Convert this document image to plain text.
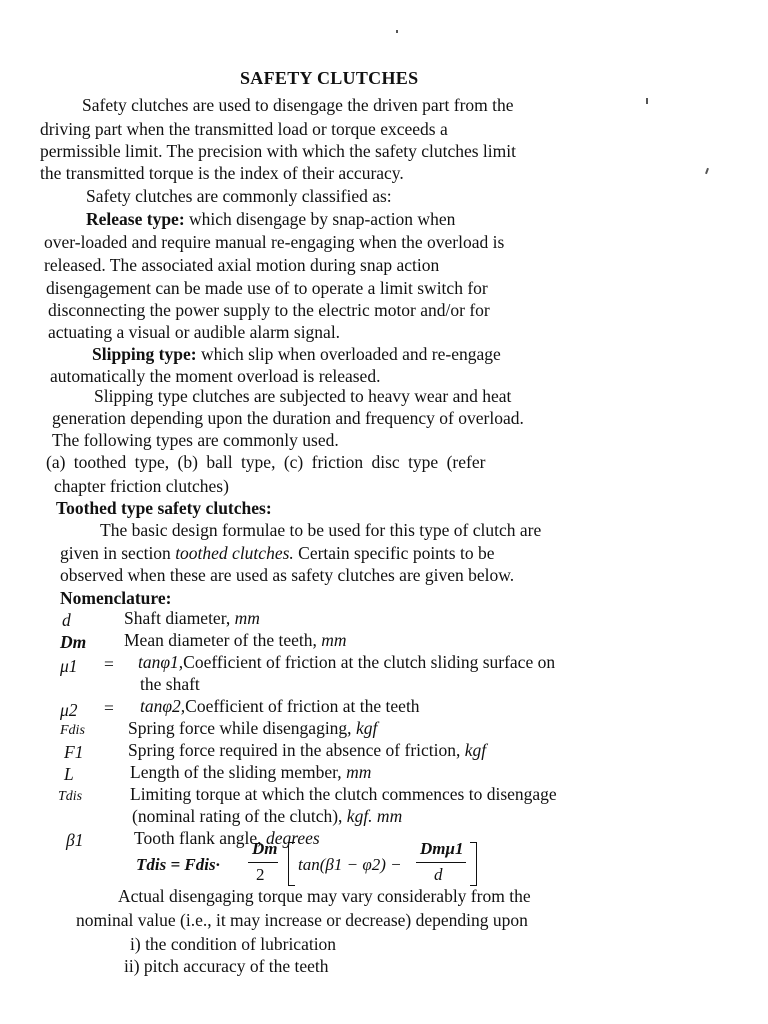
SAFETY CLUTCHES
Safety clutches are used to disengage the driven part from the
driving part when the transmitted load or torque exceeds a
permissible limit. The precision with which the safety clutches limit
the transmitted torque is the index of their accuracy.
Safety clutches are commonly classified as:
Release type: which disengage by snap-action when
over-loaded and require manual re-engaging when the overload is
released. The associated axial motion during snap action
disengagement can be made use of to operate a limit switch for
disconnecting the power supply to the electric motor and/or for
actuating a visual or audible alarm signal.
Slipping type: which slip when overloaded and re-engage
automatically the moment overload is released.
Slipping type clutches are subjected to heavy wear and heat
generation depending upon the duration and frequency of overload.
The following types are commonly used.
(a) toothed type, (b) ball type, (c) friction disc type (refer
chapter friction clutches)
Toothed type safety clutches:
The basic design formulae to be used for this type of clutch are
given in section toothed clutches. Certain specific points to be
observed when these are used as safety clutches are given below.
Nomenclature:
d	Shaft diameter, mm
Dm Mean diameter of the teeth, mm
μ1 = tanφ1,Coefficient of friction at the clutch sliding surface on
the shaft
μ2 = tanφ2,Coefficient of friction at the teeth
Fdis Spring force while disengaging, kgf
F1	Spring force required in the absence of friction, kgf
L	Length of the sliding member, mm
Tdis	Limiting torque at which the clutch commences to disengage
(nominal rating of the clutch), kgf. mm
β1	Tooth flank angle, degrees
Tdis = Fdis·
Dm
2
tan(β1 − φ2) −
Dmμ1
d
Actual disengaging torque may vary considerably from the
nominal value (i.e., it may increase or decrease) depending upon
i) the condition of lubrication
ii) pitch accuracy of the teeth
